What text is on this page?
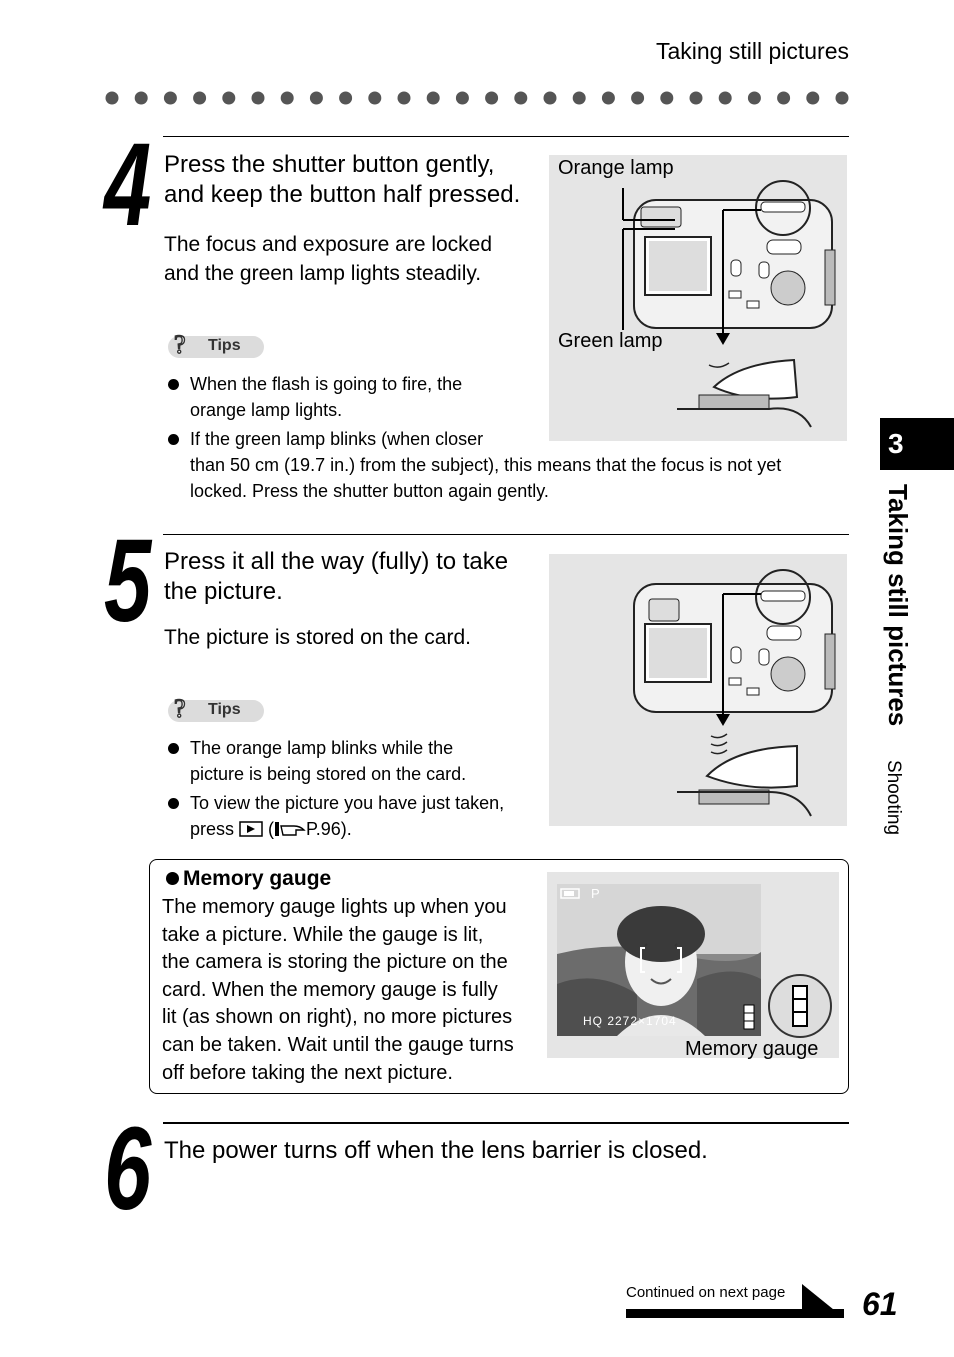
Taking still pictures
4 Press the shutter button gently,
and keep the button half pressed.
The focus and exposure are locked
and the green lamp lights steadily.
? Tips
When the flash is going to fire, the
orange lamp lights.
If the green lamp blinks (when closer
than 50 cm (19.7 in.) from the subject), this means that the focus is not yet
locked. Press the shutter button again gently.
Orange lamp
Green lamp
5 Press it all the way (fully) to take
the picture.
The picture is stored on the card.
? Tips
The orange lamp blinks while the
picture is being stored on the card.
To view the picture you have just taken,
press ( P.96).
Memory gauge
The memory gauge lights up when you
take a picture. While the gauge is lit,
the camera is storing the picture on the
card. When the memory gauge is fully
lit (as shown on right), no more pictures
can be taken. Wait until the gauge turns
off before taking the next picture.
P
HQ 2272×1704
Memory gauge
6 The power turns off when the lens barrier is closed.
3
Taking still pictures
Shooting
Continued on next page 61
